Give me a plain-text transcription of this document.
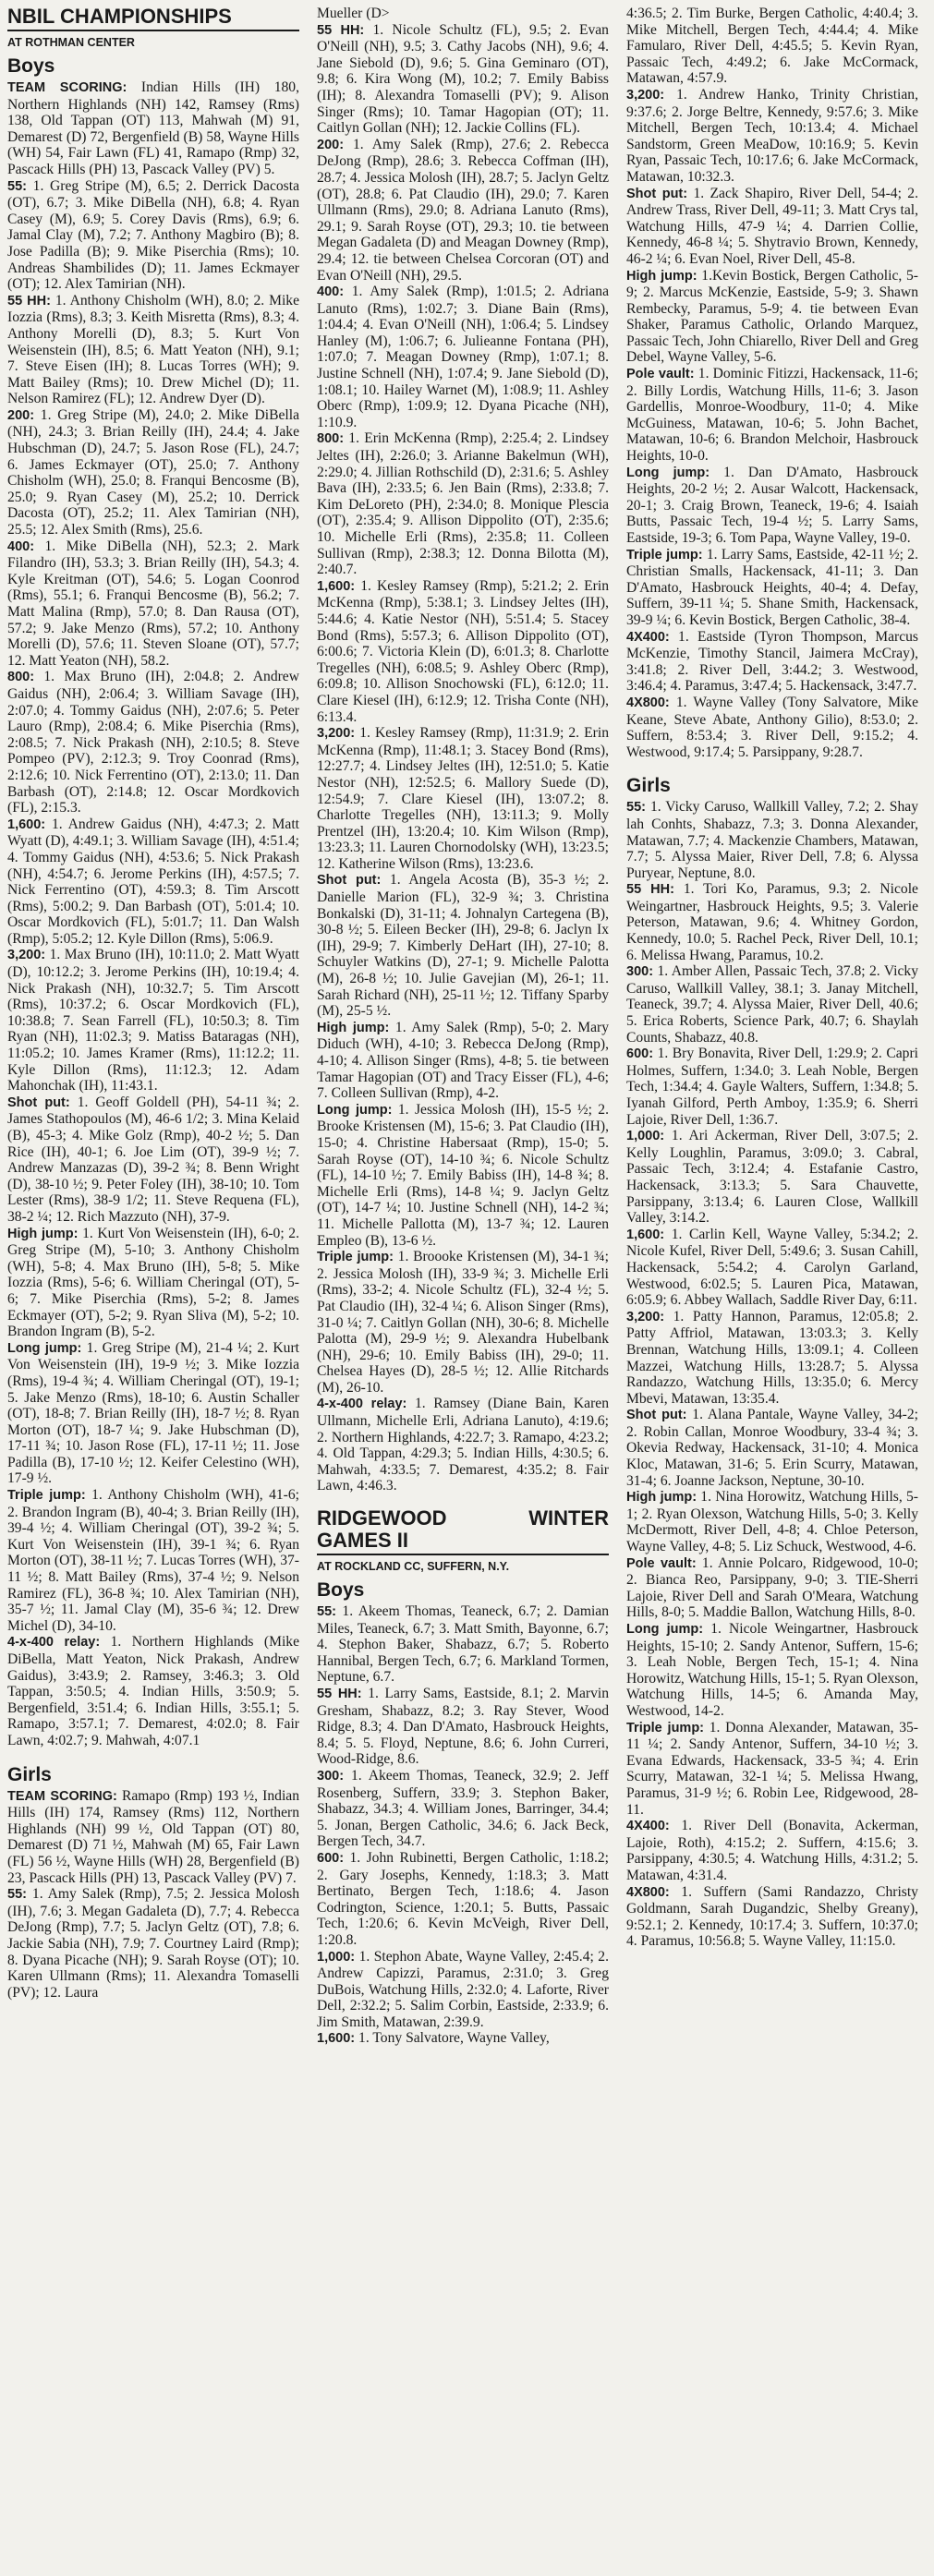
NBIL CHAMPIONSHIPS
AT ROTHMAN CENTER
Boys

TEAM SCORING: Indian Hills (IH) 180, Northern Highlands (NH) 142, Ramsey (Rms) 138, Old Tappan (OT) 113, Mahwah (M) 91, Demarest (D) 72, Bergenfield (B) 58, Wayne Hills (WH) 54, Fair Lawn (FL) 41, Ramapo (Rmp) 32, Pascack Hills (PH) 13, Pascack Valley (PV) 5.

55: 1. Greg Stripe (M), 6.5; 2. Derrick Dacosta (OT), 6.7; 3. Mike DiBella (NH), 6.8; 4. Ryan Casey (M), 6.9; 5. Corey Davis (Rms), 6.9; 6. Jamal Clay (M), 7.2; 7. Anthony Magbiro (B); 8. Jose Padilla (B); 9. Mike Piserchia (Rms); 10. Andreas Shambilides (D); 11. James Eckmayer (OT); 12. Alex Tamirian (NH).

55 HH: 1. Anthony Chisholm (WH), 8.0; 2. Mike Iozzia (Rms), 8.3; 3. Keith Misretta (Rms), 8.3; 4. Anthony Morelli (D), 8.3; 5. Kurt Von Weisenstein (IH), 8.5; 6. Matt Yeaton (NH), 9.1; 7. Steve Eisen (IH); 8. Lucas Torres (WH); 9. Matt Bailey (Rms); 10. Drew Michel (D); 11. Nelson Ramirez (FL); 12. Andrew Dyer (D).

200: 1. Greg Stripe (M), 24.0; 2. Mike DiBella (NH), 24.3; 3. Brian Reilly (IH), 24.4; 4. Jake Hubschman (D), 24.7; 5. Jason Rose (FL), 24.7; 6. James Eckmayer (OT), 25.0; 7. Anthony Chisholm (WH), 25.0; 8. Franqui Bencosme (B), 25.0; 9. Ryan Casey (M), 25.2; 10. Derrick Dacosta (OT), 25.2; 11. Alex Tamirian (NH), 25.5; 12. Alex Smith (Rms), 25.6.

400: 1. Mike DiBella (NH), 52.3; 2. Mark Filandro (IH), 53.3; 3. Brian Reilly (IH), 54.3; 4. Kyle Kreitman (OT), 54.6; 5. Logan Coonrod (Rms), 55.1; 6. Franqui Bencosme (B), 56.2; 7. Matt Malina (Rmp), 57.0; 8. Dan Rausa (OT), 57.2; 9. Jake Menzo (Rms), 57.2; 10. Anthony Morelli (D), 57.6; 11. Steven Sloane (OT), 57.7; 12. Matt Yeaton (NH), 58.2.

800: 1. Max Bruno (IH), 2:04.8; 2. Andrew Gaidus (NH), 2:06.4; 3. William Savage (IH), 2:07.0; 4. Tommy Gaidus (NH), 2:07.6; 5. Peter Lauro (Rmp), 2:08.4; 6. Mike Piserchia (Rms), 2:08.5; 7. Nick Prakash (NH), 2:10.5; 8. Steve Pompeo (PV), 2:12.3; 9. Troy Coonrad (Rms), 2:12.6; 10. Nick Ferrentino (OT), 2:13.0; 11. Dan Barbash (OT), 2:14.8; 12. Oscar Mordkovich (FL), 2:15.3.

1,600: 1. Andrew Gaidus (NH), 4:47.3; 2. Matt Wyatt (D), 4:49.1; 3. William Savage (IH), 4:51.4; 4. Tommy Gaidus (NH), 4:53.6; 5. Nick Prakash (NH), 4:54.7; 6. Jerome Perkins (IH), 4:57.5; 7. Nick Ferrentino (OT), 4:59.3; 8. Tim Arscott (Rms), 5:00.2; 9. Dan Barbash (OT), 5:01.4; 10. Oscar Mordkovich (FL), 5:01.7; 11. Dan Walsh (Rmp), 5:05.2; 12. Kyle Dillon (Rms), 5:06.9.

3,200: 1. Max Bruno (IH), 10:11.0; 2. Matt Wyatt (D), 10:12.2; 3. Jerome Perkins (IH), 10:19.4; 4. Nick Prakash (NH), 10:32.7; 5. Tim Arscott (Rms), 10:37.2; 6. Oscar Mordkovich (FL), 10:38.8; 7. Sean Farrell (FL), 10:50.3; 8. Tim Ryan (NH), 11:02.3; 9. Matiss Bataragas (NH), 11:05.2; 10. James Kramer (Rms), 11:12.2; 11. Kyle Dillon (Rms), 11:12.3; 12. Adam Mahonchak (IH), 11:43.1.

Shot put: 1. Geoff Goldell (PH), 54-11 ¾; 2. James Stathopoulos (M), 46-6 1/2; 3. Mina Kelaid (B), 45-3; 4. Mike Golz (Rmp), 40-2 ½; 5. Dan Rice (IH), 40-1; 6. Joe Lim (OT), 39-9 ½; 7. Andrew Manzazas (D), 39-2 ¾; 8. Benn Wright (D), 38-10 ½; 9. Peter Foley (IH), 38-10; 10. Tom Lester (Rms), 38-9 1/2; 11. Steve Requena (FL), 38-2 ¼; 12. Rich Mazzuto (NH), 37-9.

High jump: 1. Kurt Von Weisenstein (IH), 6-0; 2. Greg Stripe (M), 5-10; 3. Anthony Chisholm (WH), 5-8; 4. Max Bruno (IH), 5-8; 5. Mike Iozzia (Rms), 5-6; 6. William Cheringal (OT), 5-6; 7. Mike Piserchia (Rms), 5-2; 8. James Eckmayer (OT), 5-2; 9. Ryan Sliva (M), 5-2; 10. Brandon Ingram (B), 5-2.

Long jump: 1. Greg Stripe (M), 21-4 ¼; 2. Kurt Von Weisenstein (IH), 19-9 ½; 3. Mike Iozzia (Rms), 19-4 ¾; 4. William Cheringal (OT), 19-1; 5. Jake Menzo (Rms), 18-10; 6. Austin Schaller (OT), 18-8; 7. Brian Reilly (IH), 18-7 ½; 8. Ryan Morton (OT), 18-7 ¼; 9. Jake Hubschman (D), 17-11 ¾; 10. Jason Rose (FL), 17-11 ½; 11. Jose Padilla (B), 17-10 ½; 12. Keifer Celestino (WH), 17-9 ½.

Triple jump: 1. Anthony Chisholm (WH), 41-6; 2. Brandon Ingram (B), 40-4; 3. Brian Reilly (IH), 39-4 ½; 4. William Cheringal (OT), 39-2 ¾; 5. Kurt Von Weisenstein (IH), 39-1 ¾; 6. Ryan Morton (OT), 38-11 ½; 7. Lucas Torres (WH), 37-11 ½; 8. Matt Bailey (Rms), 37-4 ½; 9. Nelson Ramirez (FL), 36-8 ¾; 10. Alex Tamirian (NH), 35-7 ½; 11. Jamal Clay (M), 35-6 ¾; 12. Drew Michel (D), 34-10.

4-x-400 relay: 1. Northern Highlands (Mike DiBella, Matt Yeaton, Nick Prakash, Andrew Gaidus), 3:43.9; 2. Ramsey, 3:46.3; 3. Old Tappan, 3:50.5; 4. Indian Hills, 3:50.9; 5. Bergenfield, 3:51.4; 6. Indian Hills, 3:55.1; 5. Ramapo, 3:57.1; 7. Demarest, 4:02.0; 8. Fair Lawn, 4:02.7; 9. Mahwah, 4:07.1

Girls

TEAM SCORING: Ramapo (Rmp) 193 ½, Indian Hills (IH) 174, Ramsey (Rms) 112, Northern Highlands (NH) 99 ½, Old Tappan (OT) 80, Demarest (D) 71 ½, Mahwah (M) 65, Fair Lawn (FL) 56 ½, Wayne Hills (WH) 28, Bergenfield (B) 23, Pascack Hills (PH) 13, Pascack Valley (PV) 7.

55: 1. Amy Salek (Rmp), 7.5; 2. Jessica Molosh (IH), 7.6; 3. Megan Gadaleta (D), 7.7; 4. Rebecca DeJong (Rmp), 7.7; 5. Jaclyn Geltz (OT), 7.8; 6. Jackie Sabia (NH), 7.9; 7. Courtney Laird (Rmp); 8. Dyana Picache (NH); 9. Sarah Royse (OT); 10. Karen Ullmann (Rms); 11. Alexandra Tomaselli (PV); 12. Laura

Mueller (D>

55 HH: 1. Nicole Schultz (FL), 9.5; 2. Evan O'Neill (NH), 9.5; 3. Cathy Jacobs (NH), 9.6; 4. Jane Siebold (D), 9.6; 5. Gina Geminaro (OT), 9.8; 6. Kira Wong (M), 10.2; 7. Emily Babiss (IH); 8. Alexandra Tomaselli (PV); 9. Alison Singer (Rms); 10. Tamar Hagopian (OT); 11. Caitlyn Gollan (NH); 12. Jackie Collins (FL).

200: 1. Amy Salek (Rmp), 27.6; 2. Rebecca DeJong (Rmp), 28.6; 3. Rebecca Coffman (IH), 28.7; 4. Jessica Molosh (IH), 28.7; 5. Jaclyn Geltz (OT), 28.8; 6. Pat Claudio (IH), 29.0; 7. Karen Ullmann (Rms), 29.0; 8. Adriana Lanuto (Rms), 29.1; 9. Sarah Royse (OT), 29.3; 10. tie between Megan Gadaleta (D) and Meagan Downey (Rmp), 29.4; 12. tie between Chelsea Corcoran (OT) and Evan O'Neill (NH), 29.5.

400: 1. Amy Salek (Rmp), 1:01.5; 2. Adriana Lanuto (Rms), 1:02.7; 3. Diane Bain (Rms), 1:04.4; 4. Evan O'Neill (NH), 1:06.4; 5. Lindsey Hanley (M), 1:06.7; 6. Julieanne Fontana (PH), 1:07.0; 7. Meagan Downey (Rmp), 1:07.1; 8. Justine Schnell (NH), 1:07.4; 9. Jane Siebold (D), 1:08.1; 10. Hailey Warnet (M), 1:08.9; 11. Ashley Oberc (Rmp), 1:09.9; 12. Dyana Picache (NH), 1:10.9.

800: 1. Erin McKenna (Rmp), 2:25.4; 2. Lindsey Jeltes (IH), 2:26.0; 3. Arianne Bakelmun (WH), 2:29.0; 4. Jillian Rothschild (D), 2:31.6; 5. Ashley Bava (IH), 2:33.5; 6. Jen Bain (Rms), 2:33.8; 7. Kim DeLoreto (PH), 2:34.0; 8. Monique Plescia (OT), 2:35.4; 9. Allison Dippolito (OT), 2:35.6; 10. Michelle Erli (Rms), 2:35.8; 11. Colleen Sullivan (Rmp), 2:38.3; 12. Donna Bilotta (M), 2:40.7.

1,600: 1. Kesley Ramsey (Rmp), 5:21.2; 2. Erin McKenna (Rmp), 5:38.1; 3. Lindsey Jeltes (IH), 5:44.6; 4. Katie Nestor (NH), 5:51.4; 5. Stacey Bond (Rms), 5:57.3; 6. Allison Dippolito (OT), 6:00.6; 7. Victoria Klein (D), 6:01.3; 8. Charlotte Tregelles (NH), 6:08.5; 9. Ashley Oberc (Rmp), 6:09.8; 10. Allison Snochowski (FL), 6:12.0; 11. Clare Kiesel (IH), 6:12.9; 12. Trisha Conte (NH), 6:13.4.

3,200: 1. Kesley Ramsey (Rmp), 11:31.9; 2. Erin McKenna (Rmp), 11:48.1; 3. Stacey Bond (Rms), 12:27.7; 4. Lindsey Jeltes (IH), 12:51.0; 5. Katie Nestor (NH), 12:52.5; 6. Mallory Suede (D), 12:54.9; 7. Clare Kiesel (IH), 13:07.2; 8. Charlotte Tregelles (NH), 13:11.3; 9. Molly Prentzel (IH), 13:20.4; 10. Kim Wilson (Rmp), 13:23.3; 11. Lauren Chornodolsky (WH), 13:23.5; 12. Katherine Wilson (Rms), 13:23.6.

Shot put: 1. Angela Acosta (B), 35-3 ½; 2. Danielle Marion (FL), 32-9 ¾; 3. Christina Bonkalski (D), 31-11; 4. Johnalyn Cartegena (B), 30-8 ½; 5. Eileen Becker (IH), 29-8; 6. Jaclyn Ix (IH), 29-9; 7. Kimberly DeHart (IH), 27-10; 8. Schuyler Watkins (D), 27-1; 9. Michelle Palotta (M), 26-8 ½; 10. Julie Gavejian (M), 26-1; 11. Sarah Richard (NH), 25-11 ½; 12. Tiffany Sparby (M), 25-5 ½.

High jump: 1. Amy Salek (Rmp), 5-0; 2. Mary Diduch (WH), 4-10; 3. Rebecca DeJong (Rmp), 4-10; 4. Allison Singer (Rms), 4-8; 5. tie between Tamar Hagopian (OT) and Tracy Eisser (FL), 4-6; 7. Colleen Sullivan (Rmp), 4-2.

Long jump: 1. Jessica Molosh (IH), 15-5 ½; 2. Brooke Kristensen (M), 15-6; 3. Pat Claudio (IH), 15-0; 4. Christine Habersaat (Rmp), 15-0; 5. Sarah Royse (OT), 14-10 ¾; 6. Nicole Schultz (FL), 14-10 ½; 7. Emily Babiss (IH), 14-8 ¾; 8. Michelle Erli (Rms), 14-8 ¼; 9. Jaclyn Geltz (OT), 14-7 ¼; 10. Justine Schnell (NH), 14-2 ¾; 11. Michelle Pallotta (M), 13-7 ¾; 12. Lauren Empleo (B), 13-6 ½.

Triple jump: 1. Broooke Kristensen (M), 34-1 ¾; 2. Jessica Molosh (IH), 33-9 ¾; 3. Michelle Erli (Rms), 33-2; 4. Nicole Schultz (FL), 32-4 ½; 5. Pat Claudio (IH), 32-4 ¼; 6. Alison Singer (Rms), 31-0 ¼; 7. Caitlyn Gollan (NH), 30-6; 8. Michelle Palotta (M), 29-9 ½; 9. Alexandra Hubelbank (NH), 29-6; 10. Emily Babiss (IH), 29-0; 11. Chelsea Hayes (D), 28-5 ½; 12. Allie Ritchards (M), 26-10.

4-x-400 relay: 1. Ramsey (Diane Bain, Karen Ullmann, Michelle Erli, Adriana Lanuto), 4:19.6; 2. Northern Highlands, 4:22.7; 3. Ramapo, 4:23.2; 4. Old Tappan, 4:29.3; 5. Indian Hills, 4:30.5; 6. Mahwah, 4:33.5; 7. Demarest, 4:35.2; 8. Fair Lawn, 4:46.3.

RIDGEWOOD WINTER GAMES II
AT ROCKLAND CC, SUFFERN, N.Y.
Boys

55: 1. Akeem Thomas, Teaneck, 6.7; 2. Damian Miles, Teaneck, 6.7; 3. Matt Smith, Bayonne, 6.7; 4. Stephon Baker, Shabazz, 6.7; 5. Roberto Hannibal, Bergen Tech, 6.7; 6. Markland Tormen, Neptune, 6.7.

55 HH: 1. Larry Sams, Eastside, 8.1; 2. Marvin Gresham, Shabazz, 8.2; 3. Ray Stever, Wood Ridge, 8.3; 4. Dan D'Amato, Hasbrouck Heights, 8.4; 5. 5. Floyd, Neptune, 8.6; 6. John Curreri, Wood-Ridge, 8.6.

300: 1. Akeem Thomas, Teaneck, 32.9; 2. Jeff Rosenberg, Suffern, 33.9; 3. Stephon Baker, Shabazz, 34.3; 4. William Jones, Barringer, 34.4; 5. Jonan, Bergen Catholic, 34.6; 6. Jack Beck, Bergen Tech, 34.7.

600: 1. John Rubinetti, Bergen Catholic, 1:18.2; 2. Gary Josephs, Kennedy, 1:18.3; 3. Matt Bertinato, Bergen Tech, 1:18.6; 4. Jason Codrington, Science, 1:20.1; 5. Butts, Passaic Tech, 1:20.6; 6. Kevin McVeigh, River Dell, 1:20.8.

1,000: 1. Stephon Abate, Wayne Valley, 2:45.4; 2. Andrew Capizzi, Paramus, 2:31.0; 3. Greg DuBois, Watchung Hills, 2:32.0; 4. Laforte, River Dell, 2:32.2; 5. Salim Corbin, Eastside, 2:33.9; 6. Jim Smith, Matawan, 2:39.9.

1,600: 1. Tony Salvatore, Wayne Valley,

4:36.5; 2. Tim Burke, Bergen Catholic, 4:40.4; 3. Mike Mitchell, Bergen Tech, 4:44.4; 4. Mike Famularo, River Dell, 4:45.5; 5. Kevin Ryan, Passaic Tech, 4:49.2; 6. Jake McCormack, Matawan, 4:57.9.

3,200: 1. Andrew Hanko, Trinity Christian, 9:37.6; 2. Jorge Beltre, Kennedy, 9:57.6; 3. Mike Mitchell, Bergen Tech, 10:13.4; 4. Michael Sandstorm, Green MeaDow, 10:16.9; 5. Kevin Ryan, Passaic Tech, 10:17.6; 6. Jake McCormack, Matawan, 10:32.3.

Shot put: 1. Zack Shapiro, River Dell, 54-4; 2. Andrew Trass, River Dell, 49-11; 3. Matt Crys tal, Watchung Hills, 47-9 ¼; 4. Darrien Collie, Kennedy, 46-8 ¼; 5. Shytravio Brown, Kennedy, 46-2 ¼; 6. Evan Noel, River Dell, 45-8.

High jump: 1.Kevin Bostick, Bergen Catholic, 5-9; 2. Marcus McKenzie, Eastside, 5-9; 3. Shawn Rembecky, Paramus, 5-9; 4. tie between Evan Shaker, Paramus Catholic, Orlando Marquez, Passaic Tech, John Chiarello, River Dell and Greg Debel, Wayne Valley, 5-6.

Pole vault: 1. Dominic Fitizzi, Hackensack, 11-6; 2. Billy Lordis, Watchung Hills, 11-6; 3. Jason Gardellis, Monroe-Woodbury, 11-0; 4. Mike McGuiness, Matawan, 10-6; 5. John Bachet, Matawan, 10-6; 6. Brandon Melchoir, Hasbrouck Heights, 10-0.

Long jump: 1. Dan D'Amato, Hasbrouck Heights, 20-2 ½; 2. Ausar Walcott, Hackensack, 20-1; 3. Craig Brown, Teaneck, 19-6; 4. Isaiah Butts, Passaic Tech, 19-4 ½; 5. Larry Sams, Eastside, 19-3; 6. Tom Papa, Wayne Valley, 19-0.

Triple jump: 1. Larry Sams, Eastside, 42-11 ½; 2. Christian Smalls, Hackensack, 41-11; 3. Dan D'Amato, Hasbrouck Heights, 40-4; 4. Defay, Suffern, 39-11 ¼; 5. Shane Smith, Hackensack, 39-9 ¼; 6. Kevin Bostick, Bergen Catholic, 38-4.

4X400: 1. Eastside (Tyron Thompson, Marcus McKenzie, Timothy Stancil, Jaimera McCray), 3:41.8; 2. River Dell, 3:44.2; 3. Westwood, 3:46.4; 4. Paramus, 3:47.4; 5. Hackensack, 3:47.7.

4X800: 1. Wayne Valley (Tony Salvatore, Mike Keane, Steve Abate, Anthony Gilio), 8:53.0; 2. Suffern, 8:53.4; 3. River Dell, 9:15.2; 4. Westwood, 9:17.4; 5. Parsippany, 9:28.7.

Girls

55: 1. Vicky Caruso, Wallkill Valley, 7.2; 2. Shay lah Conhts, Shabazz, 7.3; 3. Donna Alexander, Matawan, 7.7; 4. Mackenzie Chambers, Matawan, 7.7; 5. Alyssa Maier, River Dell, 7.8; 6. Alyssa Puryear, Neptune, 8.0.

55 HH: 1. Tori Ko, Paramus, 9.3; 2. Nicole Weingartner, Hasbrouck Heights, 9.5; 3. Valerie Peterson, Matawan, 9.6; 4. Whitney Gordon, Kennedy, 10.0; 5. Rachel Peck, River Dell, 10.1; 6. Melissa Hwang, Paramus, 10.2.

300: 1. Amber Allen, Passaic Tech, 37.8; 2. Vicky Caruso, Wallkill Valley, 38.1; 3. Janay Mitchell, Teaneck, 39.7; 4. Alyssa Maier, River Dell, 40.6; 5. Erica Roberts, Science Park, 40.7; 6. Shaylah Counts, Shabazz, 40.8.

600: 1. Bry Bonavita, River Dell, 1:29.9; 2. Capri Holmes, Suffern, 1:34.0; 3. Leah Noble, Bergen Tech, 1:34.4; 4. Gayle Walters, Suffern, 1:34.8; 5. Iyanah Gilford, Perth Amboy, 1:35.9; 6. Sherri Lajoie, River Dell, 1:36.7.

1,000: 1. Ari Ackerman, River Dell, 3:07.5; 2. Kelly Loughlin, Paramus, 3:09.0; 3. Cabral, Passaic Tech, 3:12.4; 4. Estafanie Castro, Hackensack, 3:13.3; 5. Sara Chauvette, Parsippany, 3:13.4; 6. Lauren Close, Wallkill Valley, 3:14.2.

1,600: 1. Carlin Kell, Wayne Valley, 5:34.2; 2. Nicole Kufel, River Dell, 5:49.6; 3. Susan Cahill, Hackensack, 5:54.2; 4. Carolyn Garland, Westwood, 6:02.5; 5. Lauren Pica, Matawan, 6:05.9; 6. Abbey Wallach, Saddle River Day, 6:11.

3,200: 1. Patty Hannon, Paramus, 12:05.8; 2. Patty Affriol, Matawan, 13:03.3; 3. Kelly Brennan, Watchung Hills, 13:09.1; 4. Colleen Mazzei, Watchung Hills, 13:28.7; 5. Alyssa Randazzo, Watchung Hills, 13:35.0; 6. Mercy Mbevi, Matawan, 13:35.4.

Shot put: 1. Alana Pantale, Wayne Valley, 34-2; 2. Robin Callan, Monroe Woodbury, 33-4 ¾; 3. Okevia Redway, Hackensack, 31-10; 4. Monica Kloc, Matawan, 31-6; 5. Erin Scurry, Matawan, 31-4; 6. Joanne Jackson, Neptune, 30-10.

High jump: 1. Nina Horowitz, Watchung Hills, 5-1; 2. Ryan Olexson, Watchung Hills, 5-0; 3. Kelly McDermott, River Dell, 4-8; 4. Chloe Peterson, Wayne Valley, 4-8; 5. Liz Schuck, Westwood, 4-6.

Pole vault: 1. Annie Polcaro, Ridgewood, 10-0; 2. Bianca Reo, Parsippany, 9-0; 3. TIE-Sherri Lajoie, River Dell and Sarah O'Meara, Watchung Hills, 8-0; 5. Maddie Ballon, Watchung Hills, 8-0.

Long jump: 1. Nicole Weingartner, Hasbrouck Heights, 15-10; 2. Sandy Antenor, Suffern, 15-6; 3. Leah Noble, Bergen Tech, 15-1; 4. Nina Horowitz, Watchung Hills, 15-1; 5. Ryan Olexson, Watchung Hills, 14-5; 6. Amanda May, Westwood, 14-2.

Triple jump: 1. Donna Alexander, Matawan, 35-11 ¼; 2. Sandy Antenor, Suffern, 34-10 ½; 3. Evana Edwards, Hackensack, 33-5 ¾; 4. Erin Scurry, Matawan, 32-1 ¼; 5. Melissa Hwang, Paramus, 31-9 ½; 6. Robin Lee, Ridgewood, 28-11.

4X400: 1. River Dell (Bonavita, Ackerman, Lajoie, Roth), 4:15.2; 2. Suffern, 4:15.6; 3. Parsippany, 4:30.5; 4. Watchung Hills, 4:31.2; 5. Matawan, 4:31.4.

4X800: 1. Suffern (Sami Randazzo, Christy Goldmann, Sarah Dugandzic, Shelby Greany), 9:52.1; 2. Kennedy, 10:17.4; 3. Suffern, 10:37.0; 4. Paramus, 10:56.8; 5. Wayne Valley, 11:15.0.
